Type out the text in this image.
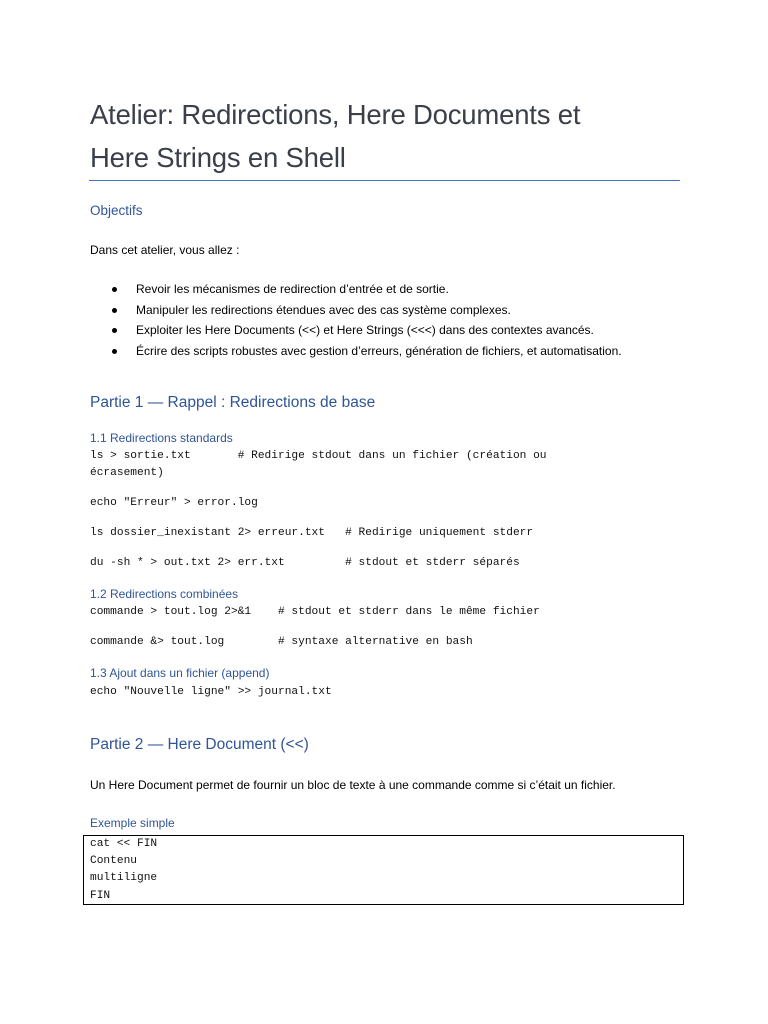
Atelier: Redirections, Here Documents et
Here Strings en Shell
Objectifs

Dans cet atelier, vous allez :

Revoir les mécanismes de redirection d’entrée et de sortie.
Manipuler les redirections étendues avec des cas système complexes.
Exploiter les Here Documents (<<) et Here Strings (<<<) dans des contextes avancés.
Écrire des scripts robustes avec gestion d’erreurs, génération de fichiers, et automatisation.
Partie 1 — Rappel : Redirections de base
1.1 Redirections standards
ls > sortie.txt       # Redirige stdout dans un fichier (création ou
écrasement)
echo "Erreur" > error.log
ls dossier_inexistant 2> erreur.txt   # Redirige uniquement stderr
du -sh * > out.txt 2> err.txt         # stdout et stderr séparés
1.2 Redirections combinées
commande > tout.log 2>&1    # stdout et stderr dans le même fichier
commande &> tout.log        # syntaxe alternative en bash
1.3 Ajout dans un fichier (append)
echo "Nouvelle ligne" >> journal.txt
Partie 2 — Here Document (<<)

Un Here Document permet de fournir un bloc de texte à une commande comme si c’était un fichier.

Exemple simple
cat << FIN
Contenu
multiligne
FIN
